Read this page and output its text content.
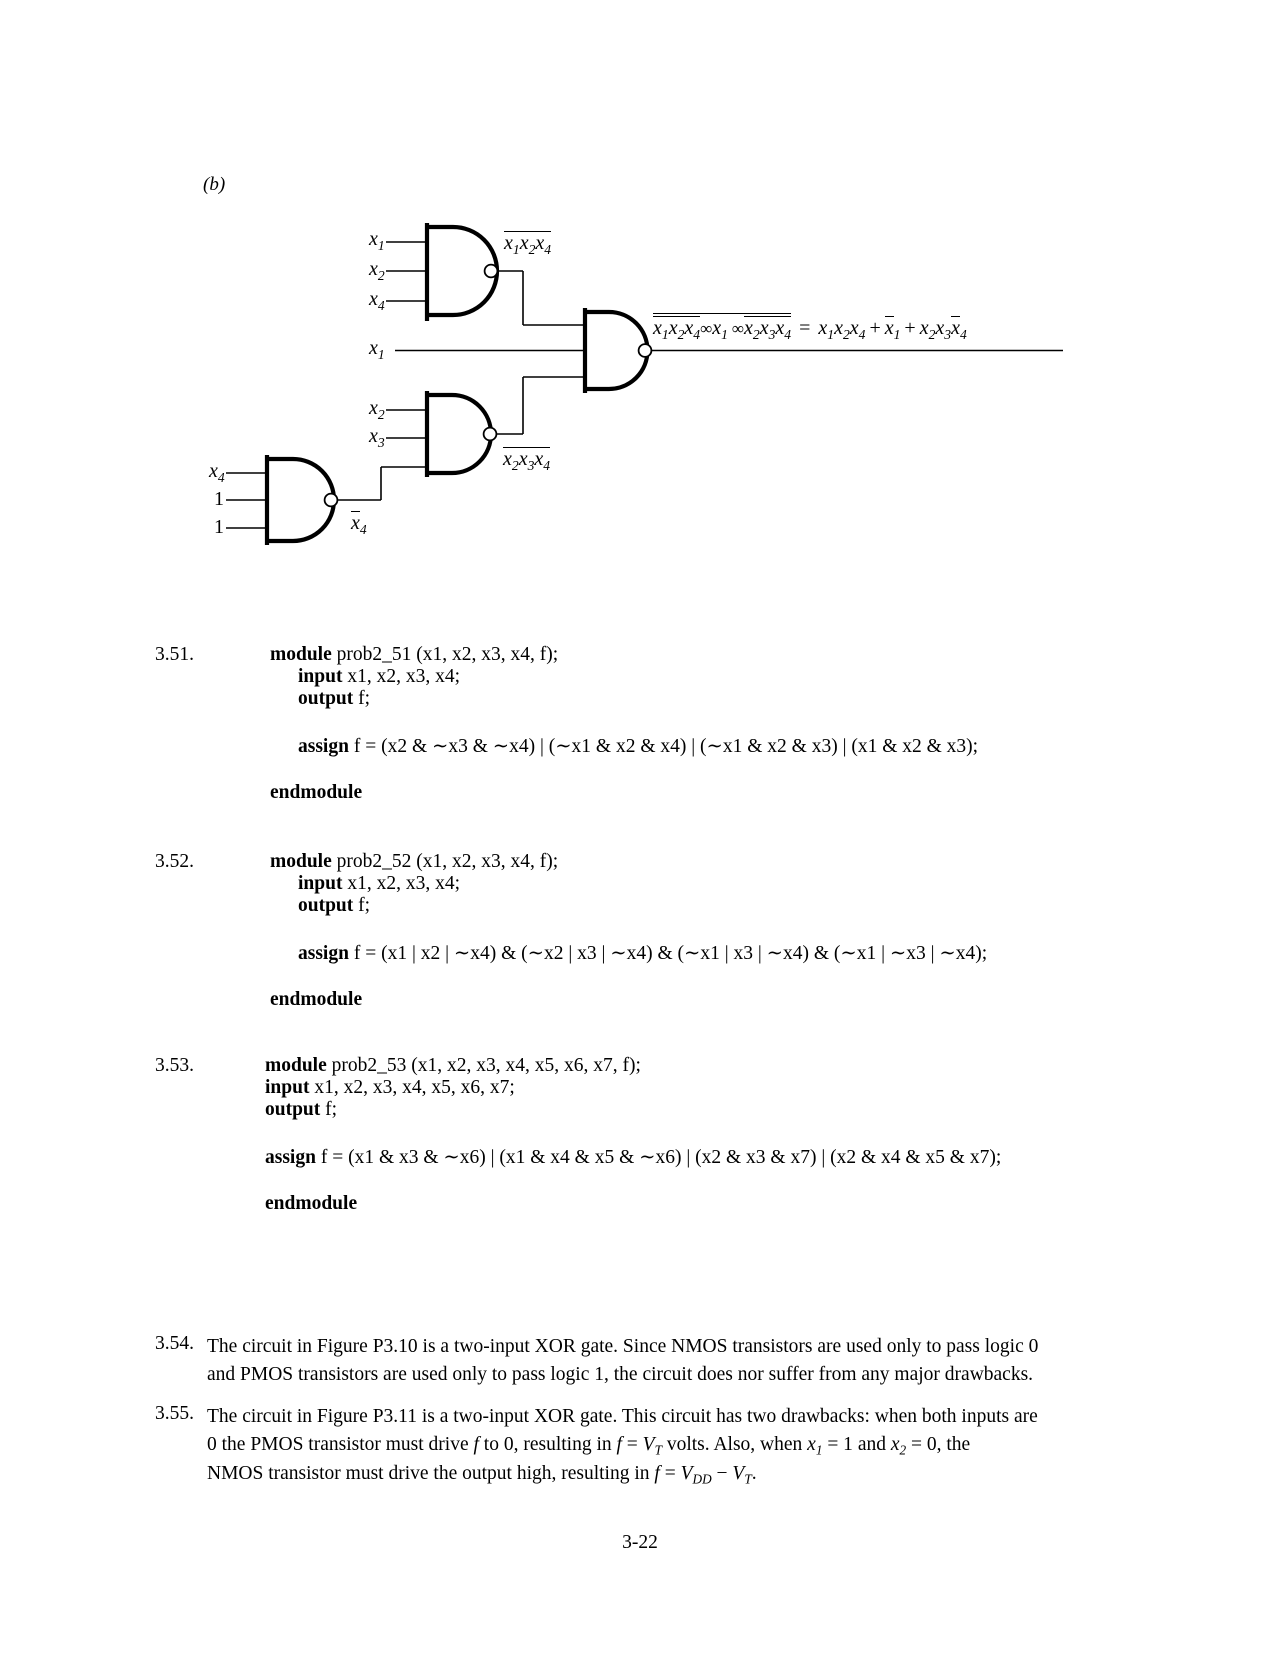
(b)
$x_1$
$x_2$
$x_4$
$x_1x_2x_4$
$x_1$
$x_2$
$x_3$
$x_2x_3x_4$
$x_4$
1
1	$x_4$
$x_1x_2x_4\infty x_1$  $\infty x_2x_3x_4 = x_1x_2x_4 + x_1 + x_2x_3x_4$
3.51.	module prob2_51 (x1, x2, x3, x4, f);
input x1, x2, x3, x4;
output f;
assign f = (x2 & ∼x3 & ∼x4) | (∼x1 & x2 & x4) | (∼x1 & x2 & x3) | (x1 & x2 & x3);
endmodule
3.52.	module prob2_52 (x1, x2, x3, x4, f);
input x1, x2, x3, x4;
output f;
assign f = (x1 | x2 | ∼x4) & (∼x2 | x3 | ∼x4) & (∼x1 | x3 | ∼x4) & (∼x1 | ∼x3 | ∼x4);
endmodule
3.53.	module prob2_53 (x1, x2, x3, x4, x5, x6, x7, f);
input x1, x2, x3, x4, x5, x6, x7;
output f;
assign f = (x1 & x3 & ∼x6) | (x1 & x4 & x5 & ∼x6) | (x2 & x3 & x7) | (x2 & x4 & x5 & x7);
endmodule
3.54. The circuit in Figure P3.10 is a two-input XOR gate. Since NMOS transistors are used only to pass logic 0
and PMOS transistors are used only to pass logic 1, the circuit does nor suffer from any major drawbacks.
3.55. The circuit in Figure P3.11 is a two-input XOR gate. This circuit has two drawbacks: when both inputs are
0 the PMOS transistor must drive f to 0, resulting in $f = V_T$ volts. Also, when $x_1 = 1$ and $x_2 = 0$, the
NMOS transistor must drive the output high, resulting in $f = V_{DD} - V_T$.
3-22
